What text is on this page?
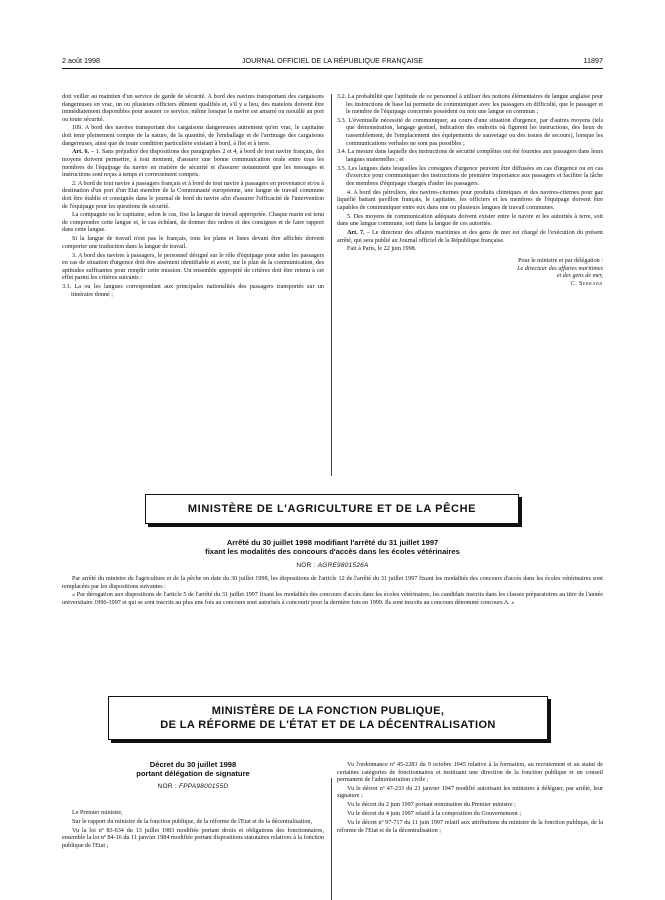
2 août 1998	JOURNAL OFFICIEL DE LA RÉPUBLIQUE FRANÇAISE	11897

doit veiller au maintien d'un service de garde de sécurité. A bord des navires transportant des cargaisons dangereuses en vrac, un ou plusieurs officiers dûment qualifiés et, s'il y a lieu, des matelots doivent être immédiatement disponibles pour assurer ce service, même lorsque le navire est amarré ou mouillé au port ou toute sécurité.

109. A bord des navires transportant des cargaisons dangereuses autrement qu'en vrac, le capitaine doit tenir pleinement compte de la nature, de la quantité, de l'emballage et de l'arrimage des cargaisons dangereuses, ainsi que de toute condition particulière existant à bord, à flot et à terre.

Art. 6. – 1. Sans préjudice des dispositions des paragraphes 2 et 4, à bord de tout navire français, des moyens doivent permettre, à tout moment, d'assurer une bonne communication orale entre tous les membres de l'équipage du navire en matière de sécurité et d'assurer notamment que les messages et instructions sont reçus à temps et correctement compris.

2. A bord de tout navire à passagers français et à bord de tout navire à passagers en provenance et/ou à destination d'un port d'un Etat membre de la Communauté européenne, une langue de travail commune doit être établie et consignée dans le journal de bord du navire afin d'assurer l'efficacité de l'intervention de l'équipage pour les questions de sécurité.

La compagnie ou le capitaine, selon le cas, fixe la langue de travail appropriée. Chaque marin est tenu de comprendre cette langue et, le cas échéant, de donner des ordres et des consignes et de faire rapport dans cette langue.

Si la langue de travail n'est pas le français, tous les plans et listes devant être affichés doivent comporter une traduction dans la langue de travail.

3. A bord des navires à passagers, le personnel désigné sur le rôle d'équipage pour aider les passagers en cas de situation d'urgence doit être aisément identifiable et avoir, sur le plan de la communication, des aptitudes suffisantes pour remplir cette mission. Un ensemble approprié de critères doit être retenu à cet effet parmi les critères suivants :

3.1. La ou les langues correspondant aux principales nationalités des passagers transportés sur un itinéraire donné ;

3.2. La probabilité que l'aptitude de ce personnel à utiliser des notions élémentaires de langue anglaise pour les instructions de base lui permette de communiquer avec les passagers en difficulté, que le passager et le membre de l'équipage concernés possèdent ou non une langue en commun ;

3.3. L'éventuelle nécessité de communiquer, au cours d'une situation d'urgence, par d'autres moyens (tels que démonstration, langage gestuel, indication des endroits où figurent les instructions, des lieux de rassemblement, de l'emplacement des équipements de sauvetage ou des issues de secours), lorsque les communications verbales ne sont pas possibles ;

3.4. La mesure dans laquelle des instructions de sécurité complètes ont été fournies aux passagers dans leurs langues maternelles ; et

3.5. Les langues dans lesquelles les consignes d'urgence peuvent être diffusées en cas d'urgence ou en cas d'exercice pour communiquer des instructions de première importance aux passagers et faciliter la tâche des membres d'équipage chargés d'aider les passagers.

4. A bord des pétroliers, des navires-citernes pour produits chimiques et des navires-citernes pour gaz liquéfié battant pavillon français, le capitaine, les officiers et les membres de l'équipage doivent être capables de communiquer entre eux dans une ou plusieurs langues de travail communes.

5. Des moyens de communication adéquats doivent exister entre le navire et les autorités à terre, soit dans une langue commune, soit dans la langue de ces autorités.

Art. 7. – Le directeur des affaires maritimes et des gens de mer est chargé de l'exécution du présent arrêté, qui sera publié au Journal officiel de la République française.

Fait à Paris, le 22 juin 1998.

Pour le ministre et par délégation :
Le directeur des affaires maritimes
et des gens de mer,
C. Serradji
MINISTÈRE DE L'AGRICULTURE ET DE LA PÊCHE
Arrêté du 30 juillet 1998 modifiant l'arrêté du 31 juillet 1997
fixant les modalités des concours d'accès dans les écoles vétérinaires
NOR : AGRE9801526A

Par arrêté du ministre de l'agriculture et de la pêche en date du 30 juillet 1998, les dispositions de l'article 12 de l'arrêté du 31 juillet 1997 fixant les modalités des concours d'accès dans les écoles vétérinaires sont remplacées par les dispositions suivantes :

« Par dérogation aux dispositions de l'article 5 de l'arrêté du 31 juillet 1997 fixant les modalités des concours d'accès dans les écoles vétérinaires, les candidats inscrits dans les classes préparatoires au titre de l'année universitaire 1996-1997 et qui se sont inscrits au plus une fois au concours sont autorisés à concourir pour la dernière fois en 1999. Ils sont inscrits au concours dénommé concours A. »

MINISTÈRE DE LA FONCTION PUBLIQUE,
DE LA RÉFORME DE L'ÉTAT ET DE LA DÉCENTRALISATION
Décret du 30 juillet 1998
portant délégation de signature
NOR : FPPA9800155D

Le Premier ministre,

Sur le rapport du ministre de la fonction publique, de la réforme de l'Etat et de la décentralisation,

Vu la loi nº 83-634 du 13 juillet 1983 modifiée portant droits et obligations des fonctionnaires, ensemble la loi nº 84-16 du 11 janvier 1984 modifiée portant dispositions statutaires relatives à la fonction publique de l'Etat ;

Vu l'ordonnance nº 45-2283 du 9 octobre 1945 relative à la formation, au recrutement et au statut de certaines catégories de fonctionnaires et instituant une direction de la fonction publique et un conseil permanent de l'administration civile ;

Vu le décret nº 47-233 du 23 janvier 1947 modifié autorisant les ministres à déléguer, par arrêté, leur signature ;

Vu le décret du 2 juin 1997 portant nomination du Premier ministre ;

Vu le décret du 4 juin 1997 relatif à la composition du Gouvernement ;

Vu le décret nº 97-717 du 11 juin 1997 relatif aux attributions du ministre de la fonction publique, de la réforme de l'Etat et de la décentralisation ;
